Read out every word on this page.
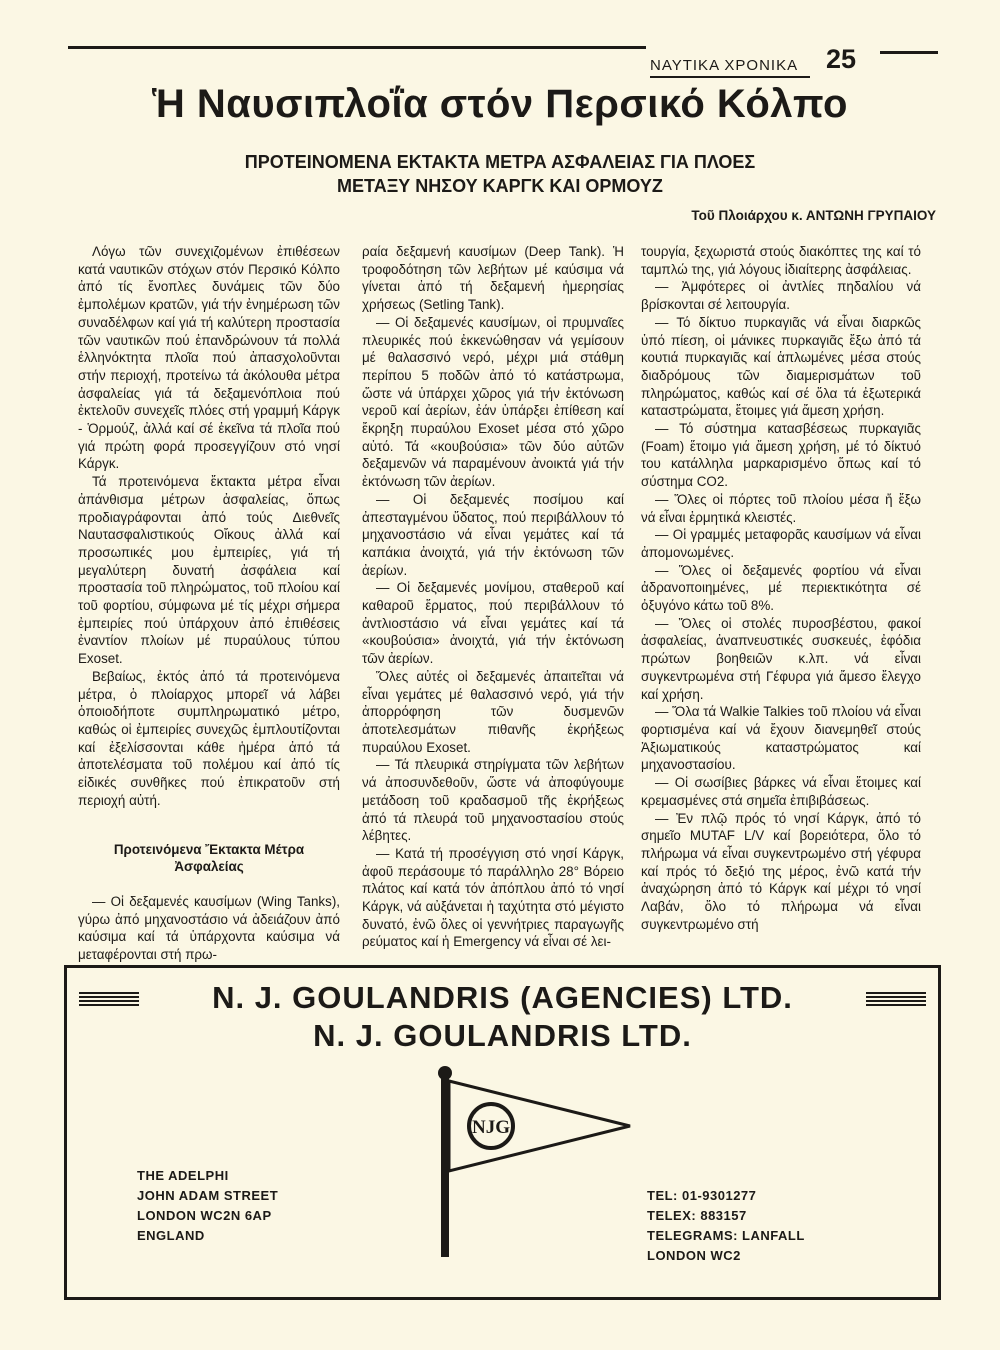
ΝΑΥΤΙΚΑ ΧΡΟΝΙΚΑ 25
Ἡ Ναυσιπλοΐα στόν Περσικό Κόλπο
ΠΡΟΤΕΙΝΟΜΕΝΑ ΕΚΤΑΚΤΑ ΜΕΤΡΑ ΑΣΦΑΛΕΙΑΣ ΓΙΑ ΠΛΟΕΣ
ΜΕΤΑΞΥ ΝΗΣΟΥ ΚΑΡΓΚ ΚΑΙ ΟΡΜΟΥΖ
Τοῦ Πλοιάρχου κ. ΑΝΤΩΝΗ ΓΡΥΠΑΙΟΥ

Λόγω τῶν συνεχιζομένων ἐπιθέσεων κατά ναυτικῶν στόχων στόν Περσικό Κόλπο ἀπό τίς ἔνοπλες δυνάμεις τῶν δύο ἐμπολέμων κρατῶν, γιά τήν ἐνημέρωση τῶν συναδέλφων καί γιά τή καλύτερη προστασία τῶν ναυτικῶν πού ἐπανδρώνουν τά πολλά ἑλληνόκτητα πλοῖα πού ἀπασχολοῦνται στήν περιοχή, προτείνω τά ἀκόλουθα μέτρα ἀσφαλείας γιά τά δεξαμενόπλοια πού ἐκτελοῦν συνεχεῖς πλόες στή γραμμή Κάργκ - Ὁρμούζ, ἀλλά καί σέ ἐκεῖνα τά πλοῖα πού γιά πρώτη φορά προσεγγίζουν στό νησί Κάργκ.

Τά προτεινόμενα ἔκτακτα μέτρα εἶναι ἀπάνθισμα μέτρων ἀσφαλείας, ὅπως προδιαγράφονται ἀπό τούς Διεθνεῖς Ναυτασφαλιστικούς Οἴκους ἀλλά καί προσωπικές μου ἐμπειρίες, γιά τή μεγαλύτερη δυνατή ἀσφάλεια καί προστασία τοῦ πληρώματος, τοῦ πλοίου καί τοῦ φορτίου, σύμφωνα μέ τίς μέχρι σήμερα ἐμπειρίες πού ὑπάρχουν ἀπό ἐπιθέσεις ἐναντίον πλοίων μέ πυραύλους τύπου Exoset.

Βεβαίως, ἐκτός ἀπό τά προτεινόμενα μέτρα, ὁ πλοίαρχος μπορεῖ νά λάβει ὁποιοδήποτε συμπληρωματικό μέτρο, καθώς οἱ ἐμπειρίες συνεχῶς ἐμπλουτίζονται καί ἐξελίσσονται κάθε ἡμέρα ἀπό τά ἀποτελέσματα τοῦ πολέμου καί ἀπό τίς εἰδικές συνθῆκες πού ἐπικρατοῦν στή περιοχή αὐτή.

Προτεινόμενα Ἔκτακτα Μέτρα Ἀσφαλείας

— Οἱ δεξαμενές καυσίμων (Wing Tanks), γύρω ἀπό μηχανοστάσιο νά ἀδειάζουν ἀπό καύσιμα καί τά ὑπάρχοντα καύσιμα νά μεταφέρονται στή πρω-

ραία δεξαμενή καυσίμων (Deep Tank). Ἡ τροφοδότηση τῶν λεβήτων μέ καύσιμα νά γίνεται ἀπό τή δεξαμενή ἡμερησίας χρήσεως (Setling Tank).

— Οἱ δεξαμενές καυσίμων, οἱ πρυμναῖες πλευρικές πού ἐκκενώθησαν νά γεμίσουν μέ θαλασσινό νερό, μέχρι μιά στάθμη περίπου 5 ποδῶν ἀπό τό κατάστρωμα, ὥστε νά ὑπάρχει χῶρος γιά τήν ἐκτόνωση νεροῦ καί ἀερίων, ἐάν ὑπάρξει ἐπίθεση καί ἔκρηξη πυραύλου Exoset μέσα στό χῶρο αὐτό. Τά «κουβούσια» τῶν δύο αὐτῶν δεξαμενῶν νά παραμένουν ἀνοικτά γιά τήν ἐκτόνωση τῶν ἀερίων.

— Οἱ δεξαμενές ποσίμου καί ἀπεσταγμένου ὕδατος, πού περιβάλλουν τό μηχανοστάσιο νά εἶναι γεμάτες καί τά καπάκια ἀνοιχτά, γιά τήν ἐκτόνωση τῶν ἀερίων.

— Οἱ δεξαμενές μονίμου, σταθεροῦ καί καθαροῦ ἕρματος, πού περιβάλλουν τό ἀντλιοστάσιο νά εἶναι γεμάτες καί τά «κουβούσια» ἀνοιχτά, γιά τήν ἐκτόνωση τῶν ἀερίων.

Ὅλες αὐτές οἱ δεξαμενές ἀπαιτεῖται νά εἶναι γεμάτες μέ θαλασσινό νερό, γιά τήν ἀπορρόφηση τῶν δυσμενῶν ἀποτελεσμάτων πιθανῆς ἐκρήξεως πυραύλου Exoset.

— Τά πλευρικά στηρίγματα τῶν λεβήτων νά ἀποσυνδεθοῦν, ὥστε νά ἀποφύγουμε μετάδοση τοῦ κραδασμοῦ τῆς ἐκρήξεως ἀπό τά πλευρά τοῦ μηχανοστασίου στούς λέβητες.

— Κατά τή προσέγγιση στό νησί Κάργκ, ἀφοῦ περάσουμε τό παράλληλο 28° Βόρειο πλάτος καί κατά τόν ἀπόπλου ἀπό τό νησί Κάργκ, νά αὐξάνεται ἡ ταχύτητα στό μέγιστο δυνατό, ἐνῶ ὅλες οἱ γεννήτριες παραγωγῆς ρεύματος καί ἡ Emergency νά εἶναι σέ λει-

τουργία, ξεχωριστά στούς διακόπτες της καί τό ταμπλώ της, γιά λόγους ἰδιαίτερης ἀσφάλειας.

— Ἀμφότερες οἱ ἀντλίες πηδαλίου νά βρίσκονται σέ λειτουργία.

— Τό δίκτυο πυρκαγιᾶς νά εἶναι διαρκῶς ὑπό πίεση, οἱ μάνικες πυρκαγιᾶς ἔξω ἀπό τά κουτιά πυρκαγιᾶς καί ἁπλωμένες μέσα στούς διαδρόμους τῶν διαμερισμάτων τοῦ πληρώματος, καθώς καί σέ ὅλα τά ἐξωτερικά καταστρώματα, ἕτοιμες γιά ἄμεση χρήση.

— Τό σύστημα κατασβέσεως πυρκαγιᾶς (Foam) ἕτοιμο γιά ἄμεση χρήση, μέ τό δίκτυό του κατάλληλα μαρκαρισμένο ὅπως καί τό σύστημα CO2.

— Ὅλες οἱ πόρτες τοῦ πλοίου μέσα ἤ ἔξω νά εἶναι ἑρμητικά κλειστές.

— Οἱ γραμμές μεταφορᾶς καυσίμων νά εἶναι ἀπομονωμένες.

— Ὅλες οἱ δεξαμενές φορτίου νά εἶναι ἀδρανοποιημένες, μέ περιεκτικότητα σέ ὀξυγόνο κάτω τοῦ 8%.

— Ὅλες οἱ στολές πυροσβέστου, φακοί ἀσφαλείας, ἀναπνευστικές συσκευές, ἐφόδια πρώτων βοηθειῶν κ.λπ. νά εἶναι συγκεντρωμένα στή Γέφυρα γιά ἄμεσο ἔλεγχο καί χρήση.

— Ὅλα τά Walkie Talkies τοῦ πλοίου νά εἶναι φορτισμένα καί νά ἔχουν διανεμηθεῖ στούς Ἀξιωματικούς καταστρώματος καί μηχανοστασίου.

— Οἱ σωσίβιες βάρκες νά εἶναι ἕτοιμες καί κρεμασμένες στά σημεῖα ἐπιβιβάσεως.

— Ἐν πλῷ πρός τό νησί Κάργκ, ἀπό τό σημεῖο MUTAF L/V καί βορειότερα, ὅλο τό πλήρωμα νά εἶναι συγκεντρωμένο στή γέφυρα καί πρός τό δεξιό της μέρος, ἐνῶ κατά τήν ἀναχώρηση ἀπό τό Κάργκ καί μέχρι τό νησί Λαβάν, ὅλο τό πλήρωμα νά εἶναι συγκεντρωμένο στή

N. J. GOULANDRIS (AGENCIES) LTD.
N. J. GOULANDRIS LTD.
NJG
THE ADELPHI
JOHN ADAM STREET
LONDON WC2N 6AP
ENGLAND
TEL: 01-9301277
TELEX: 883157
TELEGRAMS: LANFALL
LONDON WC2
